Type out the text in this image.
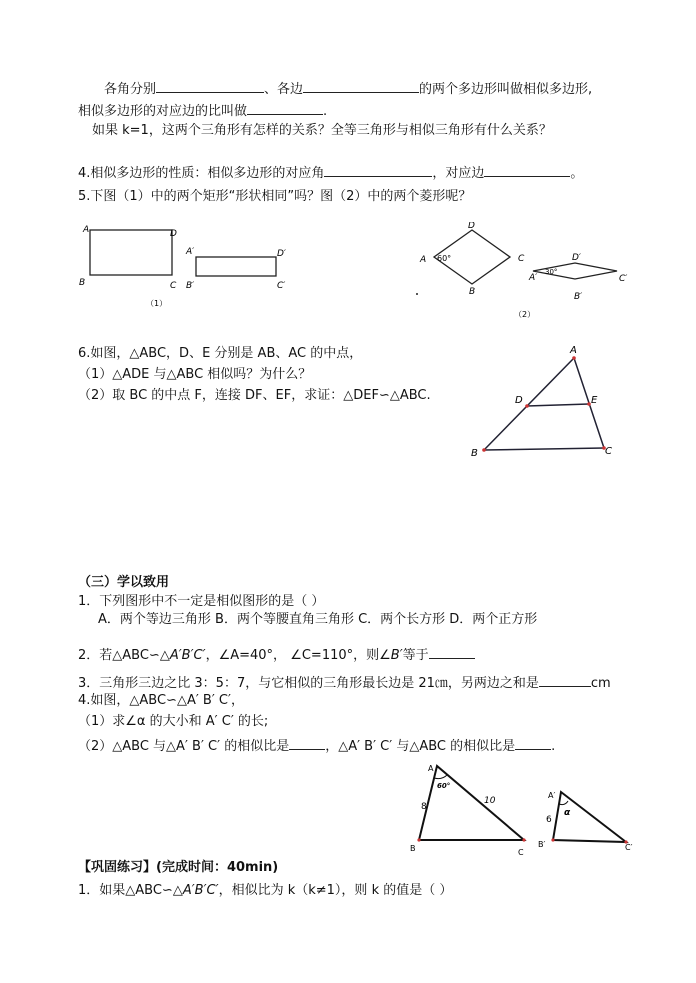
各角分别	、各边	的两个多边形叫做相似多边形,
相似多边形的对应边的比叫做	.
如果 k=1，这两个三角形有怎样的关系？全等三角形与相似三角形有什么关系？
4.相似多边形的性质：相似多边形的对应角	，对应边	。
5.下图（1）中的两个矩形“形状相同”吗？图（2）中的两个菱形呢？
A	D
B	C
A′	D′
B′	C′
（1）
D
A	C
B
60°	D′
A′	C′
B′
30°
（2）
6.如图，△ABC，D、E 分别是 AB、AC 的中点，
（1）△ADE 与△ABC 相似吗？为什么？
（2）取 BC 的中点 F，连接 DF、EF，求证：△DEF∽△ABC.
A
D	E
B	C
（三）学以致用
1．下列图形中不一定是相似图形的是（ ）
A．两个等边三角形 B．两个等腰直角三角形 C．两个长方形 D．两个正方形
2．若△ABC∽△A′B′C′，∠A=40°， ∠C=110°，则∠B′等于
3．三角形三边之比 3：5：7，与它相似的三角形最长边是 21㎝，另两边之和是	cm
4.如图，△ABC∽△A′ B′ C′，
（1）求∠α 的大小和 A′ C′ 的长;
（2）△ABC 与△A′ B′ C′ 的相似比是	，△A′ B′ C′ 与△ABC 的相似比是	.
A
B	C
60°
8
10
A′
B′	C′
α
6
【巩固练习】(完成时间：40min)
1．如果△ABC∽△A′B′C′，相似比为 k（k≠1），则 k 的值是（ ）
